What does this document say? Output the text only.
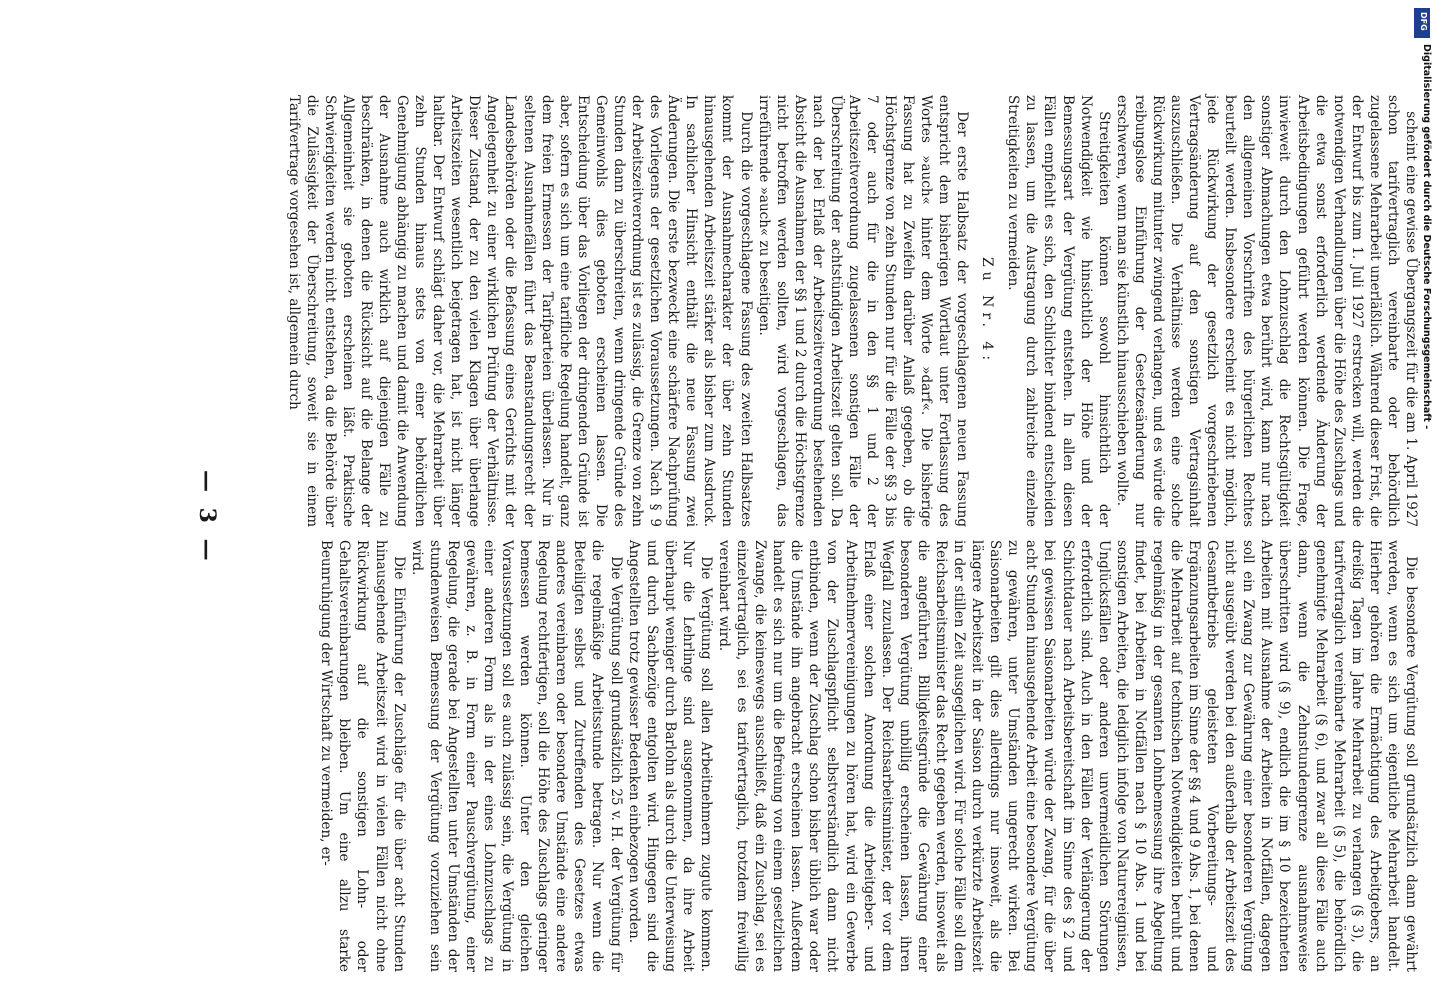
scheint eine gewisse Übergangszeit für die am 1. April 1927 schon tarifvertraglich vereinbarte oder behördlich zugelassene Mehrarbeit unerläßlich. Während dieser Frist, die der Entwurf bis zum 1. Juli 1927 erstrecken will, werden die notwendigen Verhandlungen über die Höhe des Zuschlags und die etwa sonst erforderlich werdende Änderung der Arbeitsbedingungen geführt werden können. Die Frage, inwieweit durch den Lohnzuschlag die Rechtsgültigkeit sonstiger Abmachungen etwa berührt wird, kann nur nach den allgemeinen Vorschriften des bürgerlichen Rechtes beurteilt werden. Insbesondere erscheint es nicht möglich, jede Rückwirkung der gesetzlich vorgeschriebenen Vertragsänderung auf den sonstigen Vertragsinhalt auszuschließen. Die Verhältnisse werden eine solche Rückwirkung mitunter zwingend verlangen, und es würde die reibungslose Einführung der Gesetzesänderung nur erschweren, wenn man sie künstlich hinausschieben wollte.

Streitigkeiten können sowohl hinsichtlich der Notwendigkeit wie hinsichtlich der Höhe und der Bemessungsart der Vergütung entstehen. In allen diesen Fällen empfiehlt es sich, den Schlichter bindend entscheiden zu lassen, um die Austragung durch zahlreiche einzelne Streitigkeiten zu vermeiden.

Zu Nr. 4:

Der erste Halbsatz der vorgeschlagenen neuen Fassung entspricht dem bisherigen Wortlaut unter Fortlassung des Wortes »auch« hinter dem Worte »darf«. Die bisherige Fassung hat zu Zweifeln darüber Anlaß gegeben, ob die Höchstgrenze von zehn Stunden nur für die Fälle der §§ 3 bis 7 oder auch für die in den §§ 1 und 2 der Arbeitszeitverordnung zugelassenen sonstigen Fälle der Überschreitung der achtstündigen Arbeitszeit gelten soll. Da nach der bei Erlaß der Arbeitszeitverordnung bestehenden Absicht die Ausnahmen der §§ 1 und 2 durch die Höchstgrenze nicht betroffen werden sollten, wird vorgeschlagen, das irreführende »auch« zu beseitigen.

Durch die vorgeschlagene Fassung des zweiten Halbsatzes kommt der Ausnahmecharakter der über zehn Stunden hinausgehenden Arbeitszeit stärker als bisher zum Ausdruck. In sachlicher Hinsicht enthält die neue Fassung zwei Änderungen. Die erste bezweckt eine schärfere Nachprüfung des Vorliegens der gesetzlichen Voraussetzungen. Nach § 9 der Arbeitszeitverordnung ist es zulässig, die Grenze von zehn Stunden dann zu überschreiten, wenn dringende Gründe des Gemeinwohls dies geboten erscheinen lassen. Die Entscheidung über das Vorliegen der dringenden Gründe ist aber, sofern es sich um eine tarifliche Regelung handelt, ganz dem freien Ermessen der Tarifparteien überlassen. Nur in seltenen Ausnahmefällen führt das Beanstandungsrecht der Landesbehörden oder die Befassung eines Gerichts mit der Angelegenheit zu einer wirklichen Prüfung der Verhältnisse. Dieser Zustand, der zu den vielen Klagen über überlange Arbeitszeiten wesentlich beigetragen hat, ist nicht länger haltbar. Der Entwurf schlägt daher vor, die Mehrarbeit über zehn Stunden hinaus stets von einer behördlichen Genehmigung abhängig zu machen und damit die Anwendung der Ausnahme auch wirklich auf diejenigen Fälle zu beschränken, in denen die Rücksicht auf die Belange der Allgemeinheit sie geboten erscheinen läßt. Praktische Schwierigkeiten werden nicht entstehen, da die Behörde über die Zulässigkeit der Überschreitung, soweit sie in einem Tarifvertrage vorgesehen ist, allgemein durch

— 3 —

Die besondere Vergütung soll grundsätzlich dann gewährt werden, wenn es sich um eigentliche Mehrarbeit handelt. Hierher gehören die Ermächtigung des Arbeitgebers, an dreißig Tagen im Jahre Mehrarbeit zu verlangen (§ 3), die tarifvertraglich vereinbarte Mehrarbeit (§ 5), die behördlich genehmigte Mehrarbeit (§ 6), und zwar all diese Fälle auch dann, wenn die Zehnstundengrenze ausnahmsweise überschritten wird (§ 9), endlich die im § 10 bezeichneten Arbeiten mit Ausnahme der Arbeiten in Notfällen, dagegen soll ein Zwang zur Gewährung einer besonderen Vergütung nicht ausgeübt werden bei den außerhalb der Arbeitszeit des Gesamtbetriebs geleisteten Vorbereitungs- und Ergänzungsarbeiten im Sinne der §§ 4 und 9 Abs. 1, bei denen die Mehrarbeit auf technischen Notwendigkeiten beruht und regelmäßig in der gesamten Lohnbemessung ihre Abgeltung findet, bei Arbeiten in Notfällen nach § 10 Abs. 1 und bei sonstigen Arbeiten, die lediglich infolge von Naturereignissen, Unglücksfällen oder anderen unvermeidlichen Störungen erforderlich sind. Auch in den Fällen der Verlängerung der Schichtdauer nach Arbeitsbereitschaft im Sinne des § 2 und bei gewissen Saisonarbeiten würde der Zwang, für die über acht Stunden hinausgehende Arbeit eine besondere Vergütung zu gewähren, unter Umständen ungerecht wirken. Bei Saisonarbeiten gilt dies allerdings nur insoweit, als die längere Arbeitszeit in der Saison durch verkürzte Arbeitszeit in der stillen Zeit ausgeglichen wird. Für solche Fälle soll dem Reichsarbeitsminister das Recht gegeben werden, insoweit als die angeführten Billigkeitsgründe die Gewährung einer besonderen Vergütung unbillig erscheinen lassen, ihren Wegfall zuzulassen. Der Reichsarbeitsminister, der vor dem Erlaß einer solchen Anordnung die Arbeitgeber- und Arbeitnehmervereinigungen zu hören hat, wird ein Gewerbe von der Zuschlagspflicht selbstverständlich dann nicht entbinden, wenn der Zuschlag schon bisher üblich war oder die Umstände ihn angebracht erscheinen lassen. Außerdem handelt es sich nur um die Befreiung von einem gesetzlichen Zwange, die keineswegs ausschließt, daß ein Zuschlag, sei es einzelvertraglich, sei es tarifvertraglich, trotzdem freiwillig vereinbart wird.

Die Vergütung soll allen Arbeitnehmern zugute kommen. Nur die Lehrlinge sind ausgenommen, da ihre Arbeit überhaupt weniger durch Barlohn als durch die Unterweisung und durch Sachbezüge entgolten wird. Hingegen sind die Angestellten trotz gewisser Bedenken einbezogen worden.

Die Vergütung soll grundsätzlich 25 v. H. der Vergütung für die regelmäßige Arbeitsstunde betragen. Nur wenn die Beteiligten selbst und Zutreffenden des Gesetzes etwas anderes vereinbaren oder besondere Umstände eine andere Regelung rechtfertigen, soll die Höhe des Zuschlags geringer bemessen werden können. Unter den gleichen Voraussetzungen soll es auch zulässig sein, die Vergütung in einer anderen Form als in der eines Lohnzuschlags zu gewähren, z. B. in Form einer Pauschvergütung, einer Regelung, die gerade bei Angestellten unter Umständen der stundenweisen Bemessung der Vergütung vorzuziehen sein wird.

Die Einführung der Zuschläge für die über acht Stunden hinausgehende Arbeitszeit wird in vielen Fällen nicht ohne Rückwirkung auf die sonstigen Lohn- oder Gehaltsvereinbarungen bleiben. Um eine allzu starke Beunruhigung der Wirtschaft zu vermeiden, er-

DFG
Digitalisierung gefördert durch die Deutsche Forschungsgemeinschaft -
